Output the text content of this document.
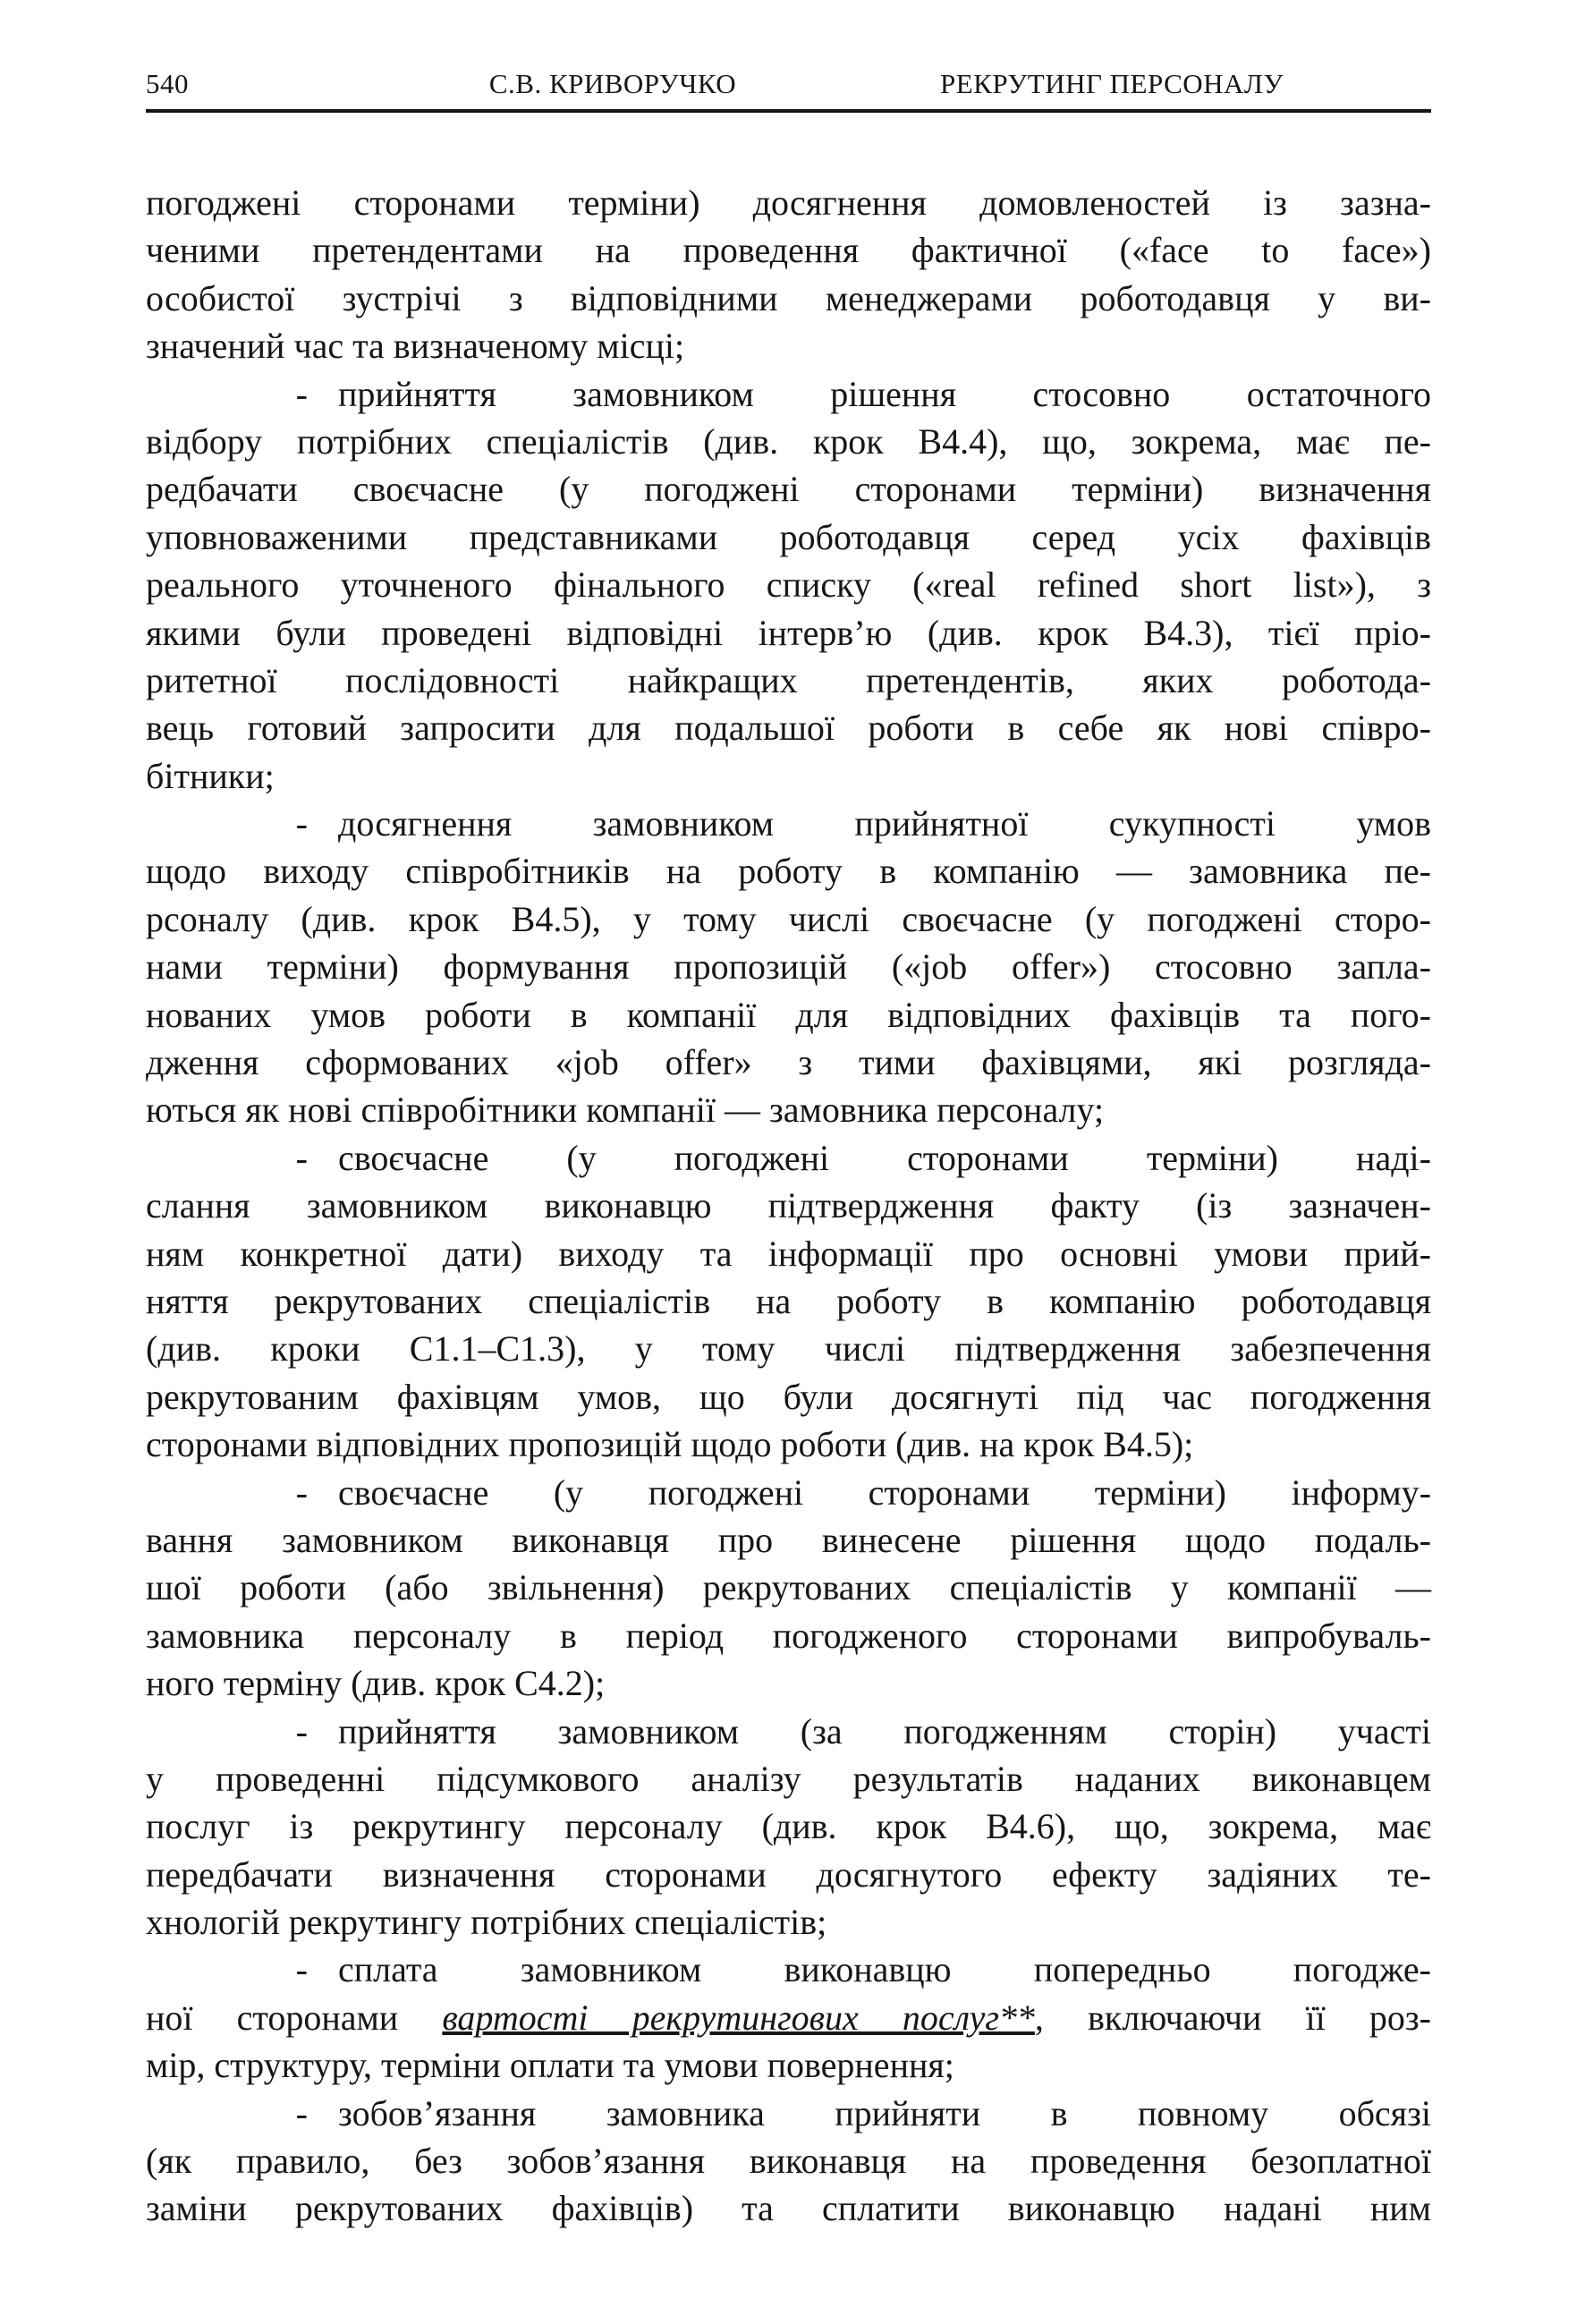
540	С.В. КРИВОРУЧКО	РЕКРУТИНГ ПЕРСОНАЛУ
погоджені сторонами терміни) досягнення домовленостей із зазна-
ченими претендентами на проведення фактичної («face to face»)
особистої зустрічі з відповідними менеджерами роботодавця у ви-
значений час та визначеному місці;
- прийняття замовником рішення стосовно остаточного
відбору потрібних спеціалістів (див. крок B4.4), що, зокрема, має пе-
редбачати своєчасне (у погоджені сторонами терміни) визначення
уповноваженими представниками роботодавця серед усіх фахівців
реального уточненого фінального списку («real refined short list»), з
якими були проведені відповідні інтерв’ю (див. крок B4.3), тієї пріо-
ритетної послідовності найкращих претендентів, яких роботода-
вець готовий запросити для подальшої роботи в себе як нові співро-
бітники;
- досягнення замовником прийнятної сукупності умов
щодо виходу співробітників на роботу в компанію — замовника пе-
рсоналу (див. крок B4.5), у тому числі своєчасне (у погоджені сторо-
нами терміни) формування пропозицій («job offer») стосовно запла-
нованих умов роботи в компанії для відповідних фахівців та пого-
дження сформованих «job offer» з тими фахівцями, які розгляда-
ються як нові співробітники компанії — замовника персоналу;
- своєчасне (у погоджені сторонами терміни) наді-
слання замовником виконавцю підтвердження факту (із зазначен-
ням конкретної дати) виходу та інформації про основні умови прий-
няття рекрутованих спеціалістів на роботу в компанію роботодавця
(див. кроки C1.1–C1.3), у тому числі підтвердження забезпечення
рекрутованим фахівцям умов, що були досягнуті під час погодження
сторонами відповідних пропозицій щодо роботи (див. на крок B4.5);
- своєчасне (у погоджені сторонами терміни) інформу-
вання замовником виконавця про винесене рішення щодо подаль-
шої роботи (або звільнення) рекрутованих спеціалістів у компанії —
замовника персоналу в період погодженого сторонами випробуваль-
ного терміну (див. крок C4.2);
- прийняття замовником (за погодженням сторін) участі
у проведенні підсумкового аналізу результатів наданих виконавцем
послуг із рекрутингу персоналу (див. крок B4.6), що, зокрема, має
передбачати визначення сторонами досягнутого ефекту задіяних те-
хнологій рекрутингу потрібних спеціалістів;
- сплата замовником виконавцю попередньо погодже-
ної сторонами вартості рекрутингових послуг**, включаючи її роз-
мір, структуру, терміни оплати та умови повернення;
- зобов’язання замовника прийняти в повному обсязі
(як правило, без зобов’язання виконавця на проведення безоплатної
заміни рекрутованих фахівців) та сплатити виконавцю надані ним
